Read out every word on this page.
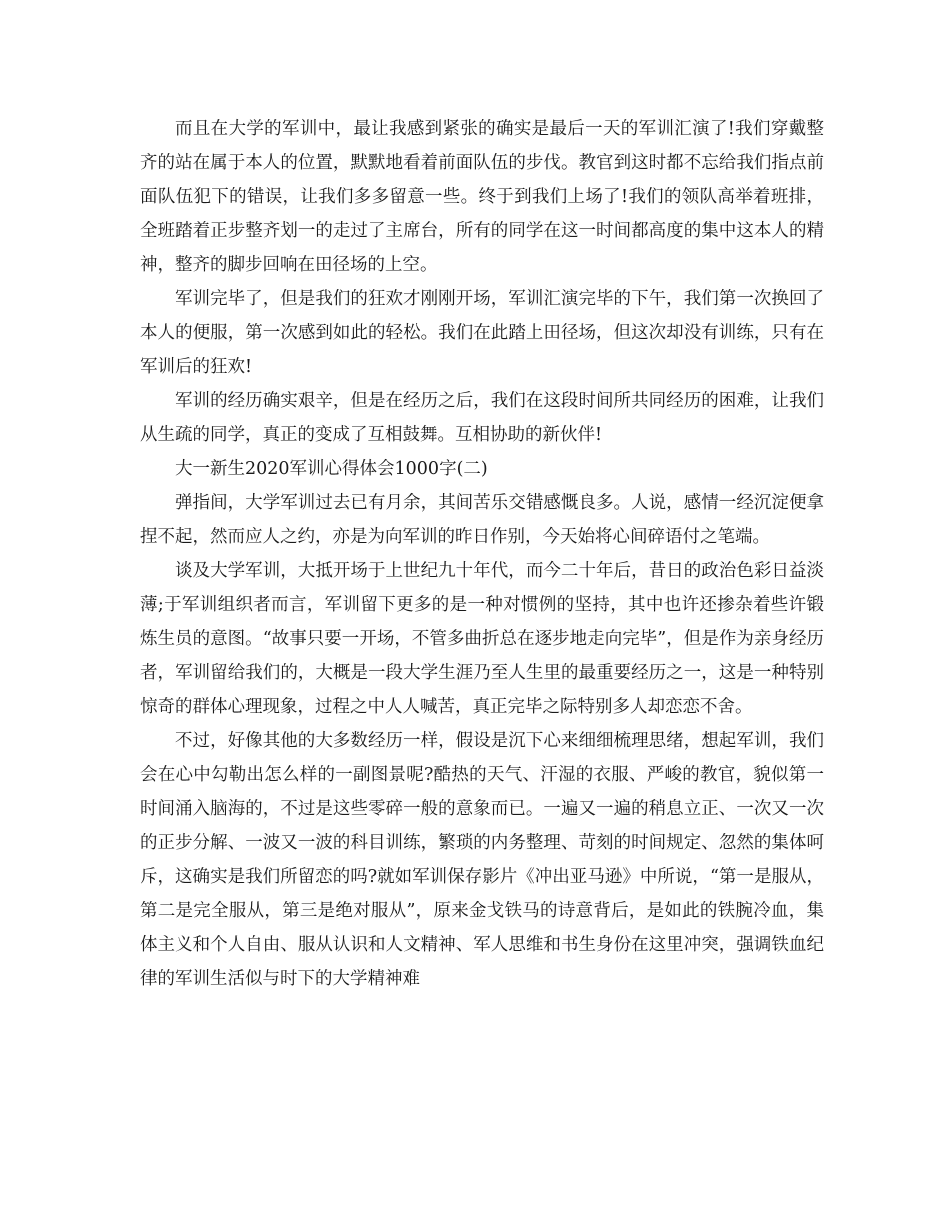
而且在大学的军训中，最让我感到紧张的确实是最后一天的军训汇演了!我们穿戴整齐的站在属于本人的位置，默默地看着前面队伍的步伐。教官到这时都不忘给我们指点前面队伍犯下的错误，让我们多多留意一些。终于到我们上场了!我们的领队高举着班排，全班踏着正步整齐划一的走过了主席台，所有的同学在这一时间都高度的集中这本人的精神，整齐的脚步回响在田径场的上空。

军训完毕了，但是我们的狂欢才刚刚开场，军训汇演完毕的下午，我们第一次换回了本人的便服，第一次感到如此的轻松。我们在此踏上田径场，但这次却没有训练，只有在军训后的狂欢!

军训的经历确实艰辛，但是在经历之后，我们在这段时间所共同经历的困难，让我们从生疏的同学，真正的变成了互相鼓舞。互相协助的新伙伴!

大一新生2020军训心得体会1000字(二)

弹指间，大学军训过去已有月余，其间苦乐交错感慨良多。人说，感情一经沉淀便拿捏不起，然而应人之约，亦是为向军训的昨日作别，今天始将心间碎语付之笔端。

谈及大学军训，大抵开场于上世纪九十年代，而今二十年后，昔日的政治色彩日益淡薄;于军训组织者而言，军训留下更多的是一种对惯例的坚持，其中也许还掺杂着些许锻炼生员的意图。“故事只要一开场，不管多曲折总在逐步地走向完毕”，但是作为亲身经历者，军训留给我们的，大概是一段大学生涯乃至人生里的最重要经历之一，这是一种特别惊奇的群体心理现象，过程之中人人喊苦，真正完毕之际特别多人却恋恋不舍。

不过，好像其他的大多数经历一样，假设是沉下心来细细梳理思绪，想起军训，我们会在心中勾勒出怎么样的一副图景呢?酷热的天气、汗湿的衣服、严峻的教官，貌似第一时间涌入脑海的，不过是这些零碎一般的意象而已。一遍又一遍的稍息立正、一次又一次的正步分解、一波又一波的科目训练，繁琐的内务整理、苛刻的时间规定、忽然的集体呵斥，这确实是我们所留恋的吗?就如军训保存影片《冲出亚马逊》中所说，“第一是服从，第二是完全服从，第三是绝对服从”，原来金戈铁马的诗意背后，是如此的铁腕冷血，集体主义和个人自由、服从认识和人文精神、军人思维和书生身份在这里冲突，强调铁血纪律的军训生活似与时下的大学精神难
